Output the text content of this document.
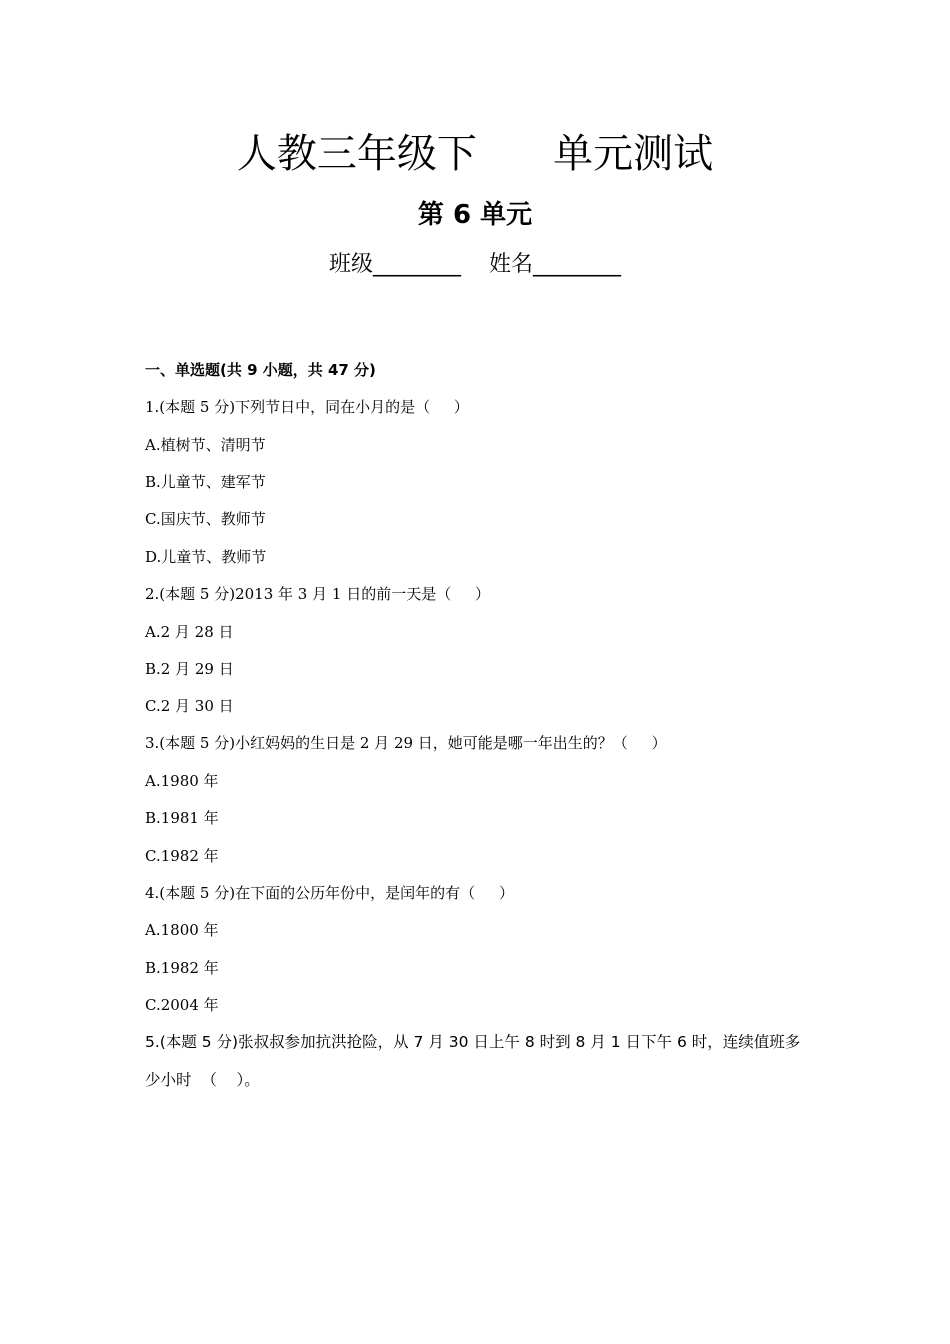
人教三年级下      单元测试
第 6 单元
班级________    姓名________
一、单选题(共 9 小题，共 47 分)
1.(本题 5 分)下列节日中，同在小月的是（     ）
A.植树节、清明节
B.儿童节、建军节
C.国庆节、教师节
D.儿童节、教师节
2.(本题 5 分)2013 年 3 月 1 日的前一天是（     ）
A.2 月 28 日
B.2 月 29 日
C.2 月 30 日
3.(本题 5 分)小红妈妈的生日是 2 月 29 日，她可能是哪一年出生的？（     ）
A.1980 年
B.1981 年
C.1982 年
4.(本题 5 分)在下面的公历年份中，是闰年的有（     ）
A.1800 年
B.1982 年
C.2004 年
5.(本题 5 分)张叔叔参加抗洪抢险，从 7 月 30 日上午 8 时到 8 月 1 日下午 6 时，连续值班多
少小时  （    ）。
